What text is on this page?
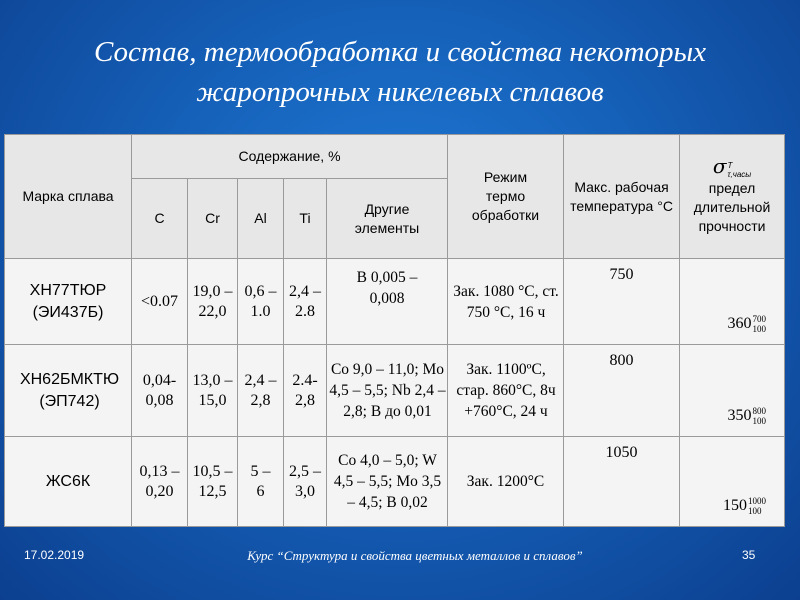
Состав, термообработка и свойства некоторых
жаропрочных никелевых сплавов
Марка сплава	Содержание, %					Режим термо обработки	Макс. рабочая температура °C	σ T
τ,часы
предел длительной прочности

	C	Cr	Al	Ti	Другие элементы			

ХН77ТЮР (ЭИ437Б)	<0.07	19,0 – 22,0	0,6 – 1.0	2,4 – 2.8	B 0,005 – 0,008	Зак. 1080 °С, ст. 750 °С, 16 ч	750	360 700
100

ХН62БМКТЮ (ЭП742)	0,04- 0,08	13,0 – 15,0	2,4 – 2,8	2.4- 2,8	Co 9,0 – 11,0; Mo 4,5 – 5,5; Nb 2,4 – 2,8; B до 0,01	Зак. 1100ºС, стар. 860°С, 8ч +760°С, 24 ч	800	350 800
100

ЖС6К	0,13 – 0,20	10,5 – 12,5	5 – 6	2,5 – 3,0	Co 4,0 – 5,0; W 4,5 – 5,5; Mo 3,5 – 4,5; B 0,02	Зак. 1200°С	1050	150 1000
100
17.02.2019	Курс “Структура и свойства цветных металлов и сплавов”	35
